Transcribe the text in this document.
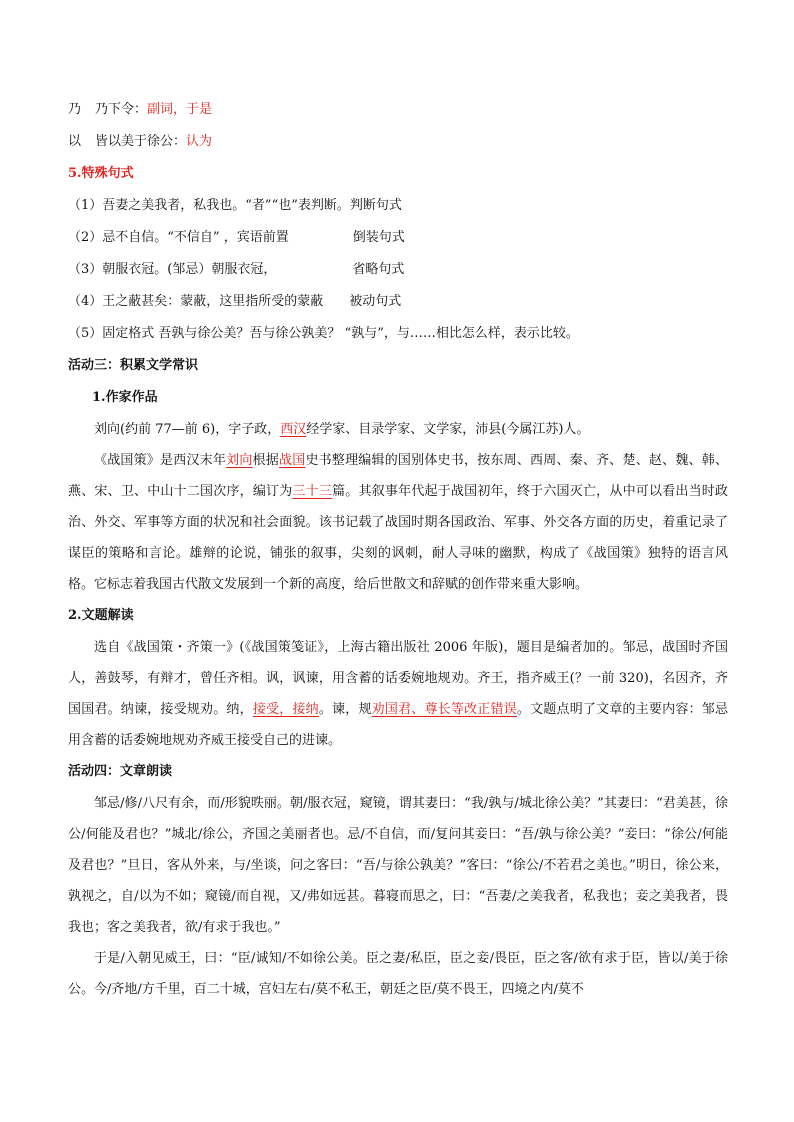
乃 乃下令：副词，于是
以 皆以美于徐公：认为
5.特殊句式
（1）吾妻之美我者，私我也。“者”“也”表判断。判断句式
（2）忌不自信。“不信自” ，宾语前置	倒装句式
（3）朝服衣冠。(邹忌）朝服衣冠，	省略句式
（4）王之蔽甚矣：蒙蔽，这里指所受的蒙蔽 被动句式
（5）固定格式 吾孰与徐公美？吾与徐公孰美？ “孰与”，与……相比怎么样，表示比较。
活动三：积累文学常识
1.作家作品

刘向(约前 77—前 6)，字子政，西汉经学家、目录学家、文学家，沛县(今属江苏)人。

《战国策》是西汉末年刘向根据战国史书整理编辑的国别体史书，按东周、西周、秦、齐、楚、赵、魏、韩、燕、宋、卫、中山十二国次序，编订为三十三篇。其叙事年代起于战国初年，终于六国灭亡，从中可以看出当时政治、外交、军事等方面的状况和社会面貌。该书记载了战国时期各国政治、军事、外交各方面的历史，着重记录了谋臣的策略和言论。雄辩的论说，铺张的叙事，尖刻的讽刺，耐人寻味的幽默，构成了《战国策》独特的语言风格。它标志着我国古代散文发展到一个新的高度，给后世散文和辞赋的创作带来重大影响。

2.文题解读

选自《战国策・齐策一》(《战国策笺证》，上海古籍出版社 2006 年版)，题目是编者加的。邹忌，战国时齐国人，善鼓琴，有辩才，曾任齐相。讽，讽谏，用含蓄的话委婉地规劝。齐王，指齐威王(？一前 320)，名因齐，齐国国君。纳谏，接受规劝。纳，接受，接纳。谏，规劝国君、尊长等改正错误。文题点明了文章的主要内容：邹忌用含蓄的话委婉地规劝齐威王接受自己的进谏。

活动四：文章朗读

邹忌/修/八尺有余，而/形貌昳丽。朝/服衣冠，窥镜，谓其妻曰：“我/孰与/城北徐公美？”其妻曰：“君美甚，徐公/何能及君也？”城北/徐公，齐国之美丽者也。忌/不自信，而/复问其妾曰：“吾/孰与徐公美？”妾曰：“徐公/何能及君也？”旦日，客从外来，与/坐谈，问之客曰：“吾/与徐公孰美？”客曰：“徐公/不若君之美也。”明日，徐公来，孰视之，自/以为不如；窥镜/而自视，又/弗如远甚。暮寝而思之，曰：“吾妻/之美我者，私我也；妾之美我者，畏我也；客之美我者，欲/有求于我也。”

于是/入朝见威王，曰：“臣/诚知/不如徐公美。臣之妻/私臣，臣之妾/畏臣，臣之客/欲有求于臣，皆以/美于徐公。今/齐地/方千里，百二十城，宫妇左右/莫不私王，朝廷之臣/莫不畏王，四境之内/莫不
